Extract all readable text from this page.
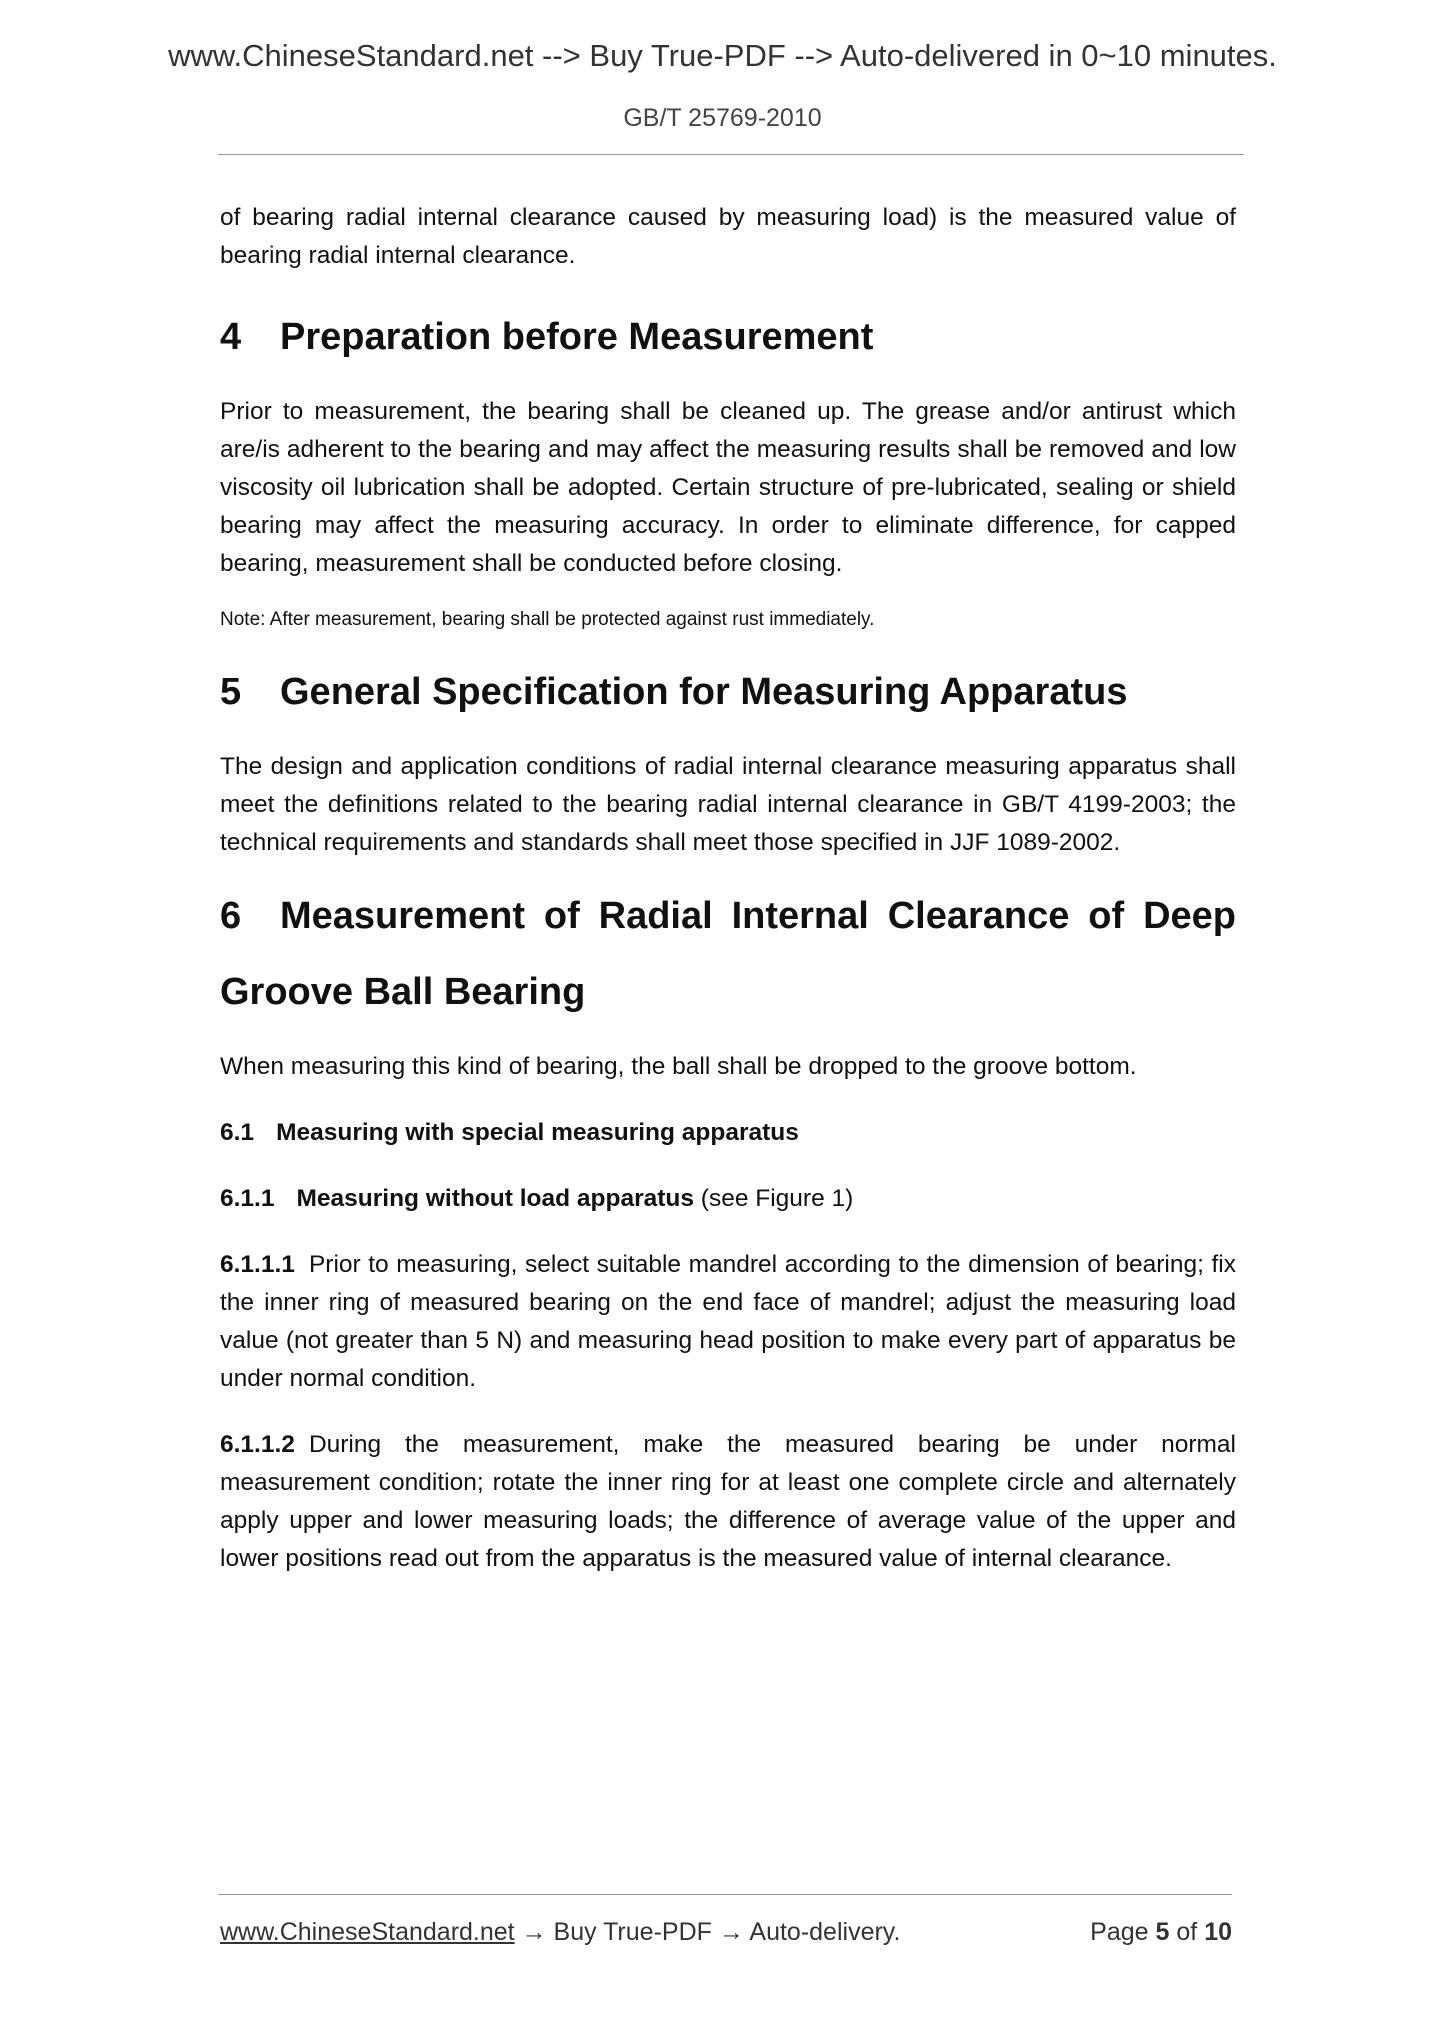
www.ChineseStandard.net --> Buy True-PDF --> Auto-delivered in 0~10 minutes.
GB/T 25769-2010

of bearing radial internal clearance caused by measuring load) is the measured value of bearing radial internal clearance.

4 Preparation before Measurement

Prior to measurement, the bearing shall be cleaned up. The grease and/or antirust which are/is adherent to the bearing and may affect the measuring results shall be removed and low viscosity oil lubrication shall be adopted. Certain structure of pre-lubricated, sealing or shield bearing may affect the measuring accuracy. In order to eliminate difference, for capped bearing, measurement shall be conducted before closing.

Note: After measurement, bearing shall be protected against rust immediately.
5 General Specification for Measuring Apparatus

The design and application conditions of radial internal clearance measuring apparatus shall meet the definitions related to the bearing radial internal clearance in GB/T 4199-2003; the technical requirements and standards shall meet those specified in JJF 1089-2002.

6 Measurement of Radial Internal Clearance of Deep Groove Ball Bearing

When measuring this kind of bearing, the ball shall be dropped to the groove bottom.

6.1 Measuring with special measuring apparatus
6.1.1 Measuring without load apparatus (see Figure 1)

6.1.1.1 Prior to measuring, select suitable mandrel according to the dimension of bearing; fix the inner ring of measured bearing on the end face of mandrel; adjust the measuring load value (not greater than 5 N) and measuring head position to make every part of apparatus be under normal condition.

6.1.1.2 During the measurement, make the measured bearing be under normal measurement condition; rotate the inner ring for at least one complete circle and alternately apply upper and lower measuring loads; the difference of average value of the upper and lower positions read out from the apparatus is the measured value of internal clearance.

www.ChineseStandard.net → Buy True-PDF → Auto-delivery.	Page 5 of 10
